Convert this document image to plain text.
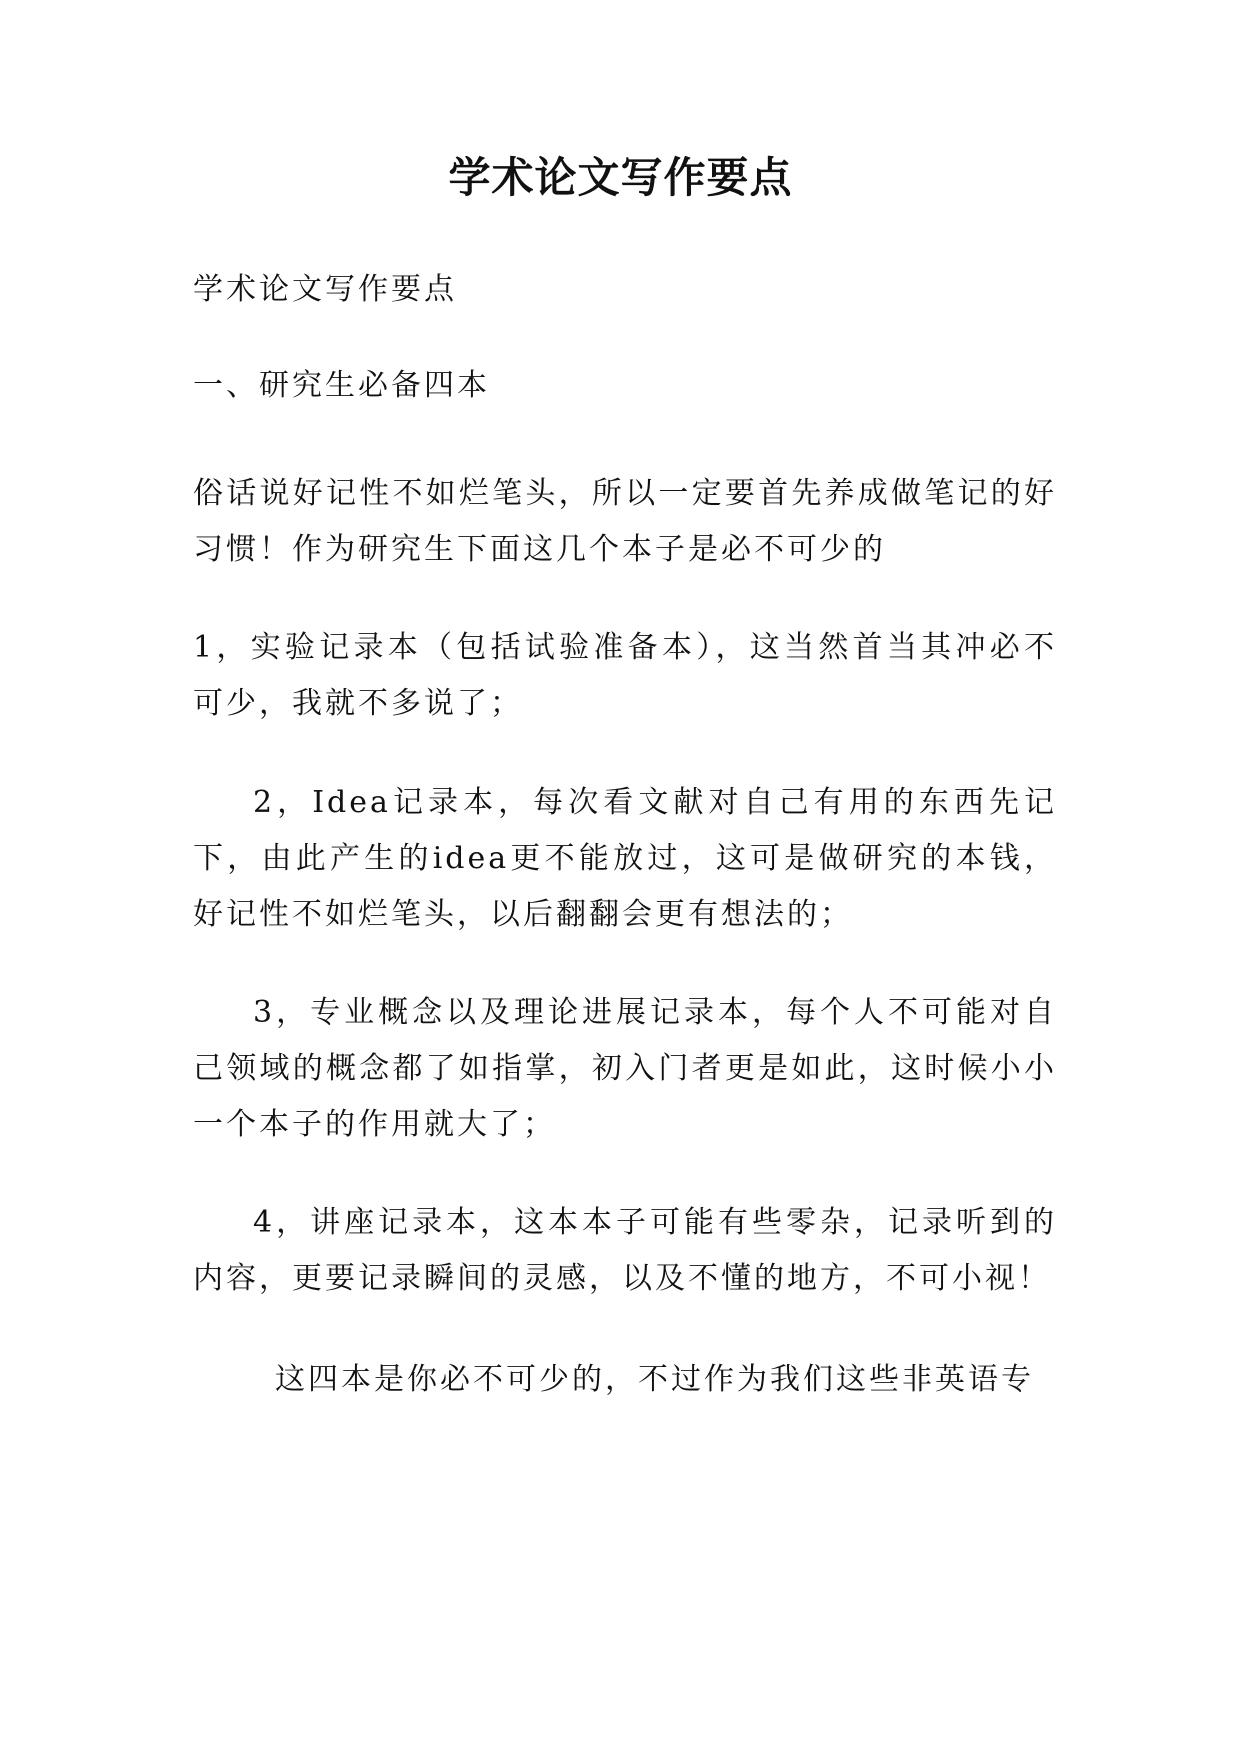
学术论文写作要点

学术论文写作要点

一、研究生必备四本

俗话说好记性不如烂笔头，所以一定要首先养成做笔记的好习惯！作为研究生下面这几个本子是必不可少的

1，实验记录本（包括试验准备本），这当然首当其冲必不可少，我就不多说了；

2，Idea记录本，每次看文献对自己有用的东西先记下，由此产生的idea更不能放过，这可是做研究的本钱，好记性不如烂笔头，以后翻翻会更有想法的；

3，专业概念以及理论进展记录本，每个人不可能对自己领域的概念都了如指掌，初入门者更是如此，这时候小小一个本子的作用就大了；

4，讲座记录本，这本本子可能有些零杂，记录听到的内容，更要记录瞬间的灵感，以及不懂的地方，不可小视！

这四本是你必不可少的，不过作为我们这些非英语专
